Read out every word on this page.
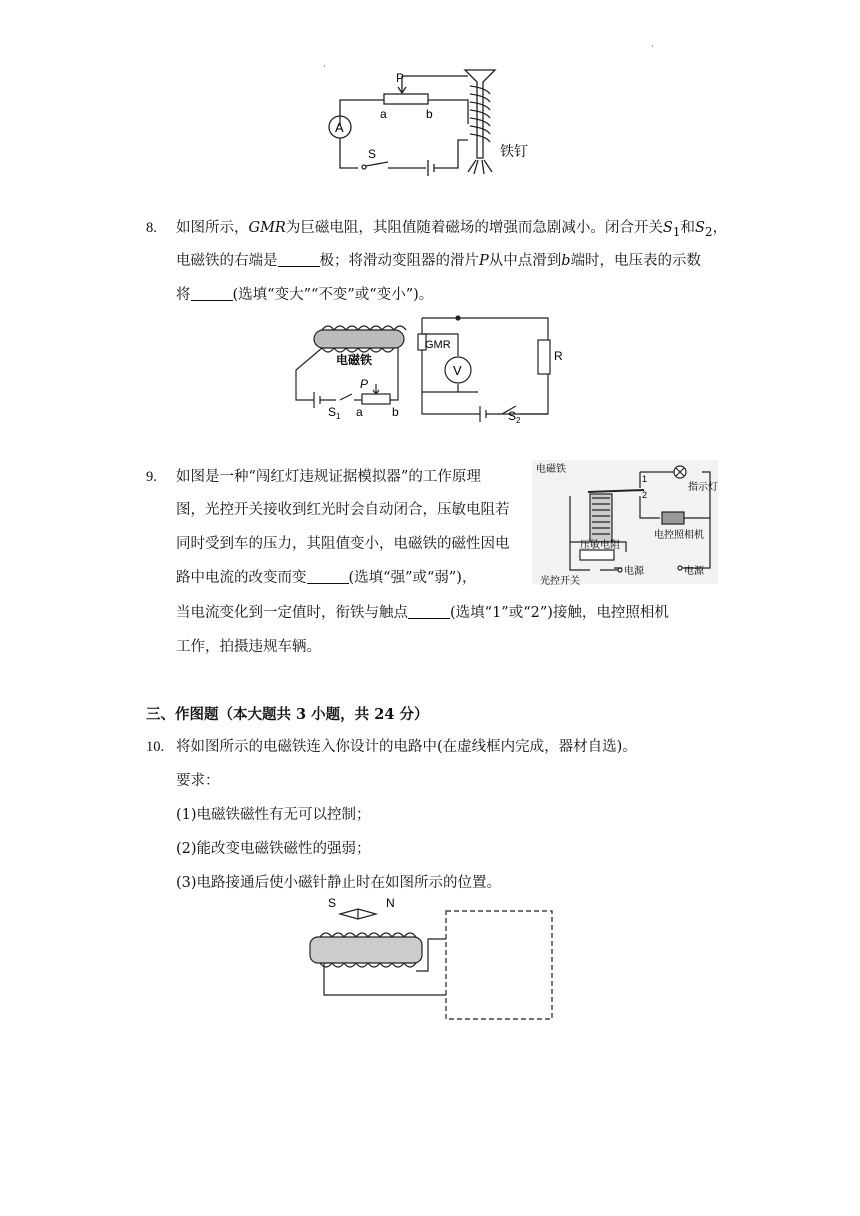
·
·
P
a	b
A
S	铁钉
8. 如图所示，GMR为巨磁电阻，其阻值随着磁场的增强而急剧减小。闭合开关$S_1$和$S_2$，
电磁铁的右端是	极；将滑动变阻器的滑片P从中点滑到b端时，电压表的示数
将	(选填“变大”“不变”或“变小”)。
电磁铁
GMR
V
R
P
a b
$S_1$	$S_2$
9. 如图是一种“闯红灯违规证据模拟器”的工作原理
图，光控开关接收到红光时会自动闭合，压敏电阻若
同时受到车的压力，其阻值变小，电磁铁的磁性因电
路中电流的改变而变	(选填“强”或“弱”)，
当电流变化到一定值时，衔铁与触点	(选填“1”或“2”)接触，电控照相机
工作，拍摄违规车辆。
电磁铁
1
2
指示灯
电控照相机
压敏电阻
电源	电源
光控开关
三、作图题（本大题共 3 小题，共 24 分）
10. 将如图所示的电磁铁连入你设计的电路中(在虚线框内完成，器材自选)。
要求：
(1)电磁铁磁性有无可以控制；
(2)能改变电磁铁磁性的强弱；
(3)电路接通后使小磁针静止时在如图所示的位置。
S	N
